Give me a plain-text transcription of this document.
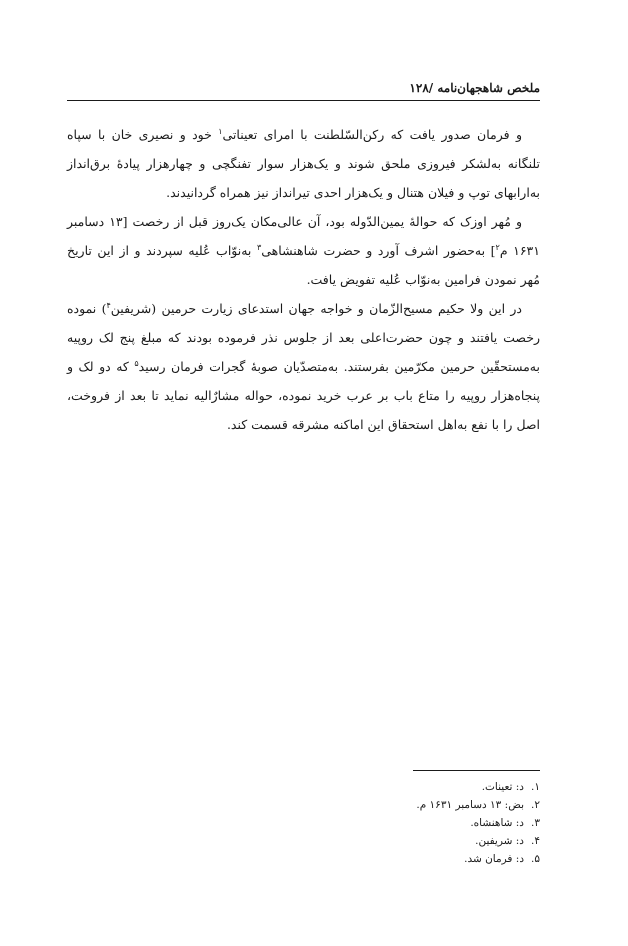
ملخص شاهجهان‌نامه /۱۲۸

و فرمان صدور یافت که رکن‌السّلطنت با امرای تعیناتی$^۱$ خود و نصیری خان با سپاه تلنگانه به‌لشکر فیروزی ملحق شوند و یک‌هزار سوار تفنگچی و چهارهزار پیادهٔ برق‌انداز به‌ارابهای توپ و فیلان هتنال و یک‌هزار احدی تیرانداز نیز همراه گردانیدند.

و مُهر اوزک که حوالهٔ یمین‌الدّوله بود، آن عالی‌مکان یک‌روز قبل از رخصت [۱۳ دسامبر ۱۶۳۱ م$^۲$] به‌حضور اشرف آورد و حضرت شاهنشاهی$^۳$ به‌نوّاب عُلیه سپردند و از این تاریخ مُهر نمودن فرامین به‌نوّاب عُلیه تفویض یافت.

در این ولا حکیم مسیح‌الزّمان و خواجه جهان استدعای زیارت حرمین (شریفین$^۴$) نموده رخصت یافتند و چون حضرت‌اعلی بعد از جلوس نذر فرموده بودند که مبلغ پنج لک روپیه به‌مستحقّین حرمین مکرّمین بفرستند. به‌متصدّیان صوبهٔ گجرات فرمان رسید$^۵$ که دو لک و پنجاه‌هزار روپیه را متاع باب بر عرب خرید نموده، حواله مشارٌالیه نماید تا بعد از فروخت، اصل را با نفع به‌اهل استحقاق این اماکنه مشرقه قسمت کند.

۱.د: تعینات.
۲.بض: ۱۳ دسامبر ۱۶۳۱ م.
۳.د: شاهنشاه.
۴.د: شریفین.
۵.د: فرمان شد.
